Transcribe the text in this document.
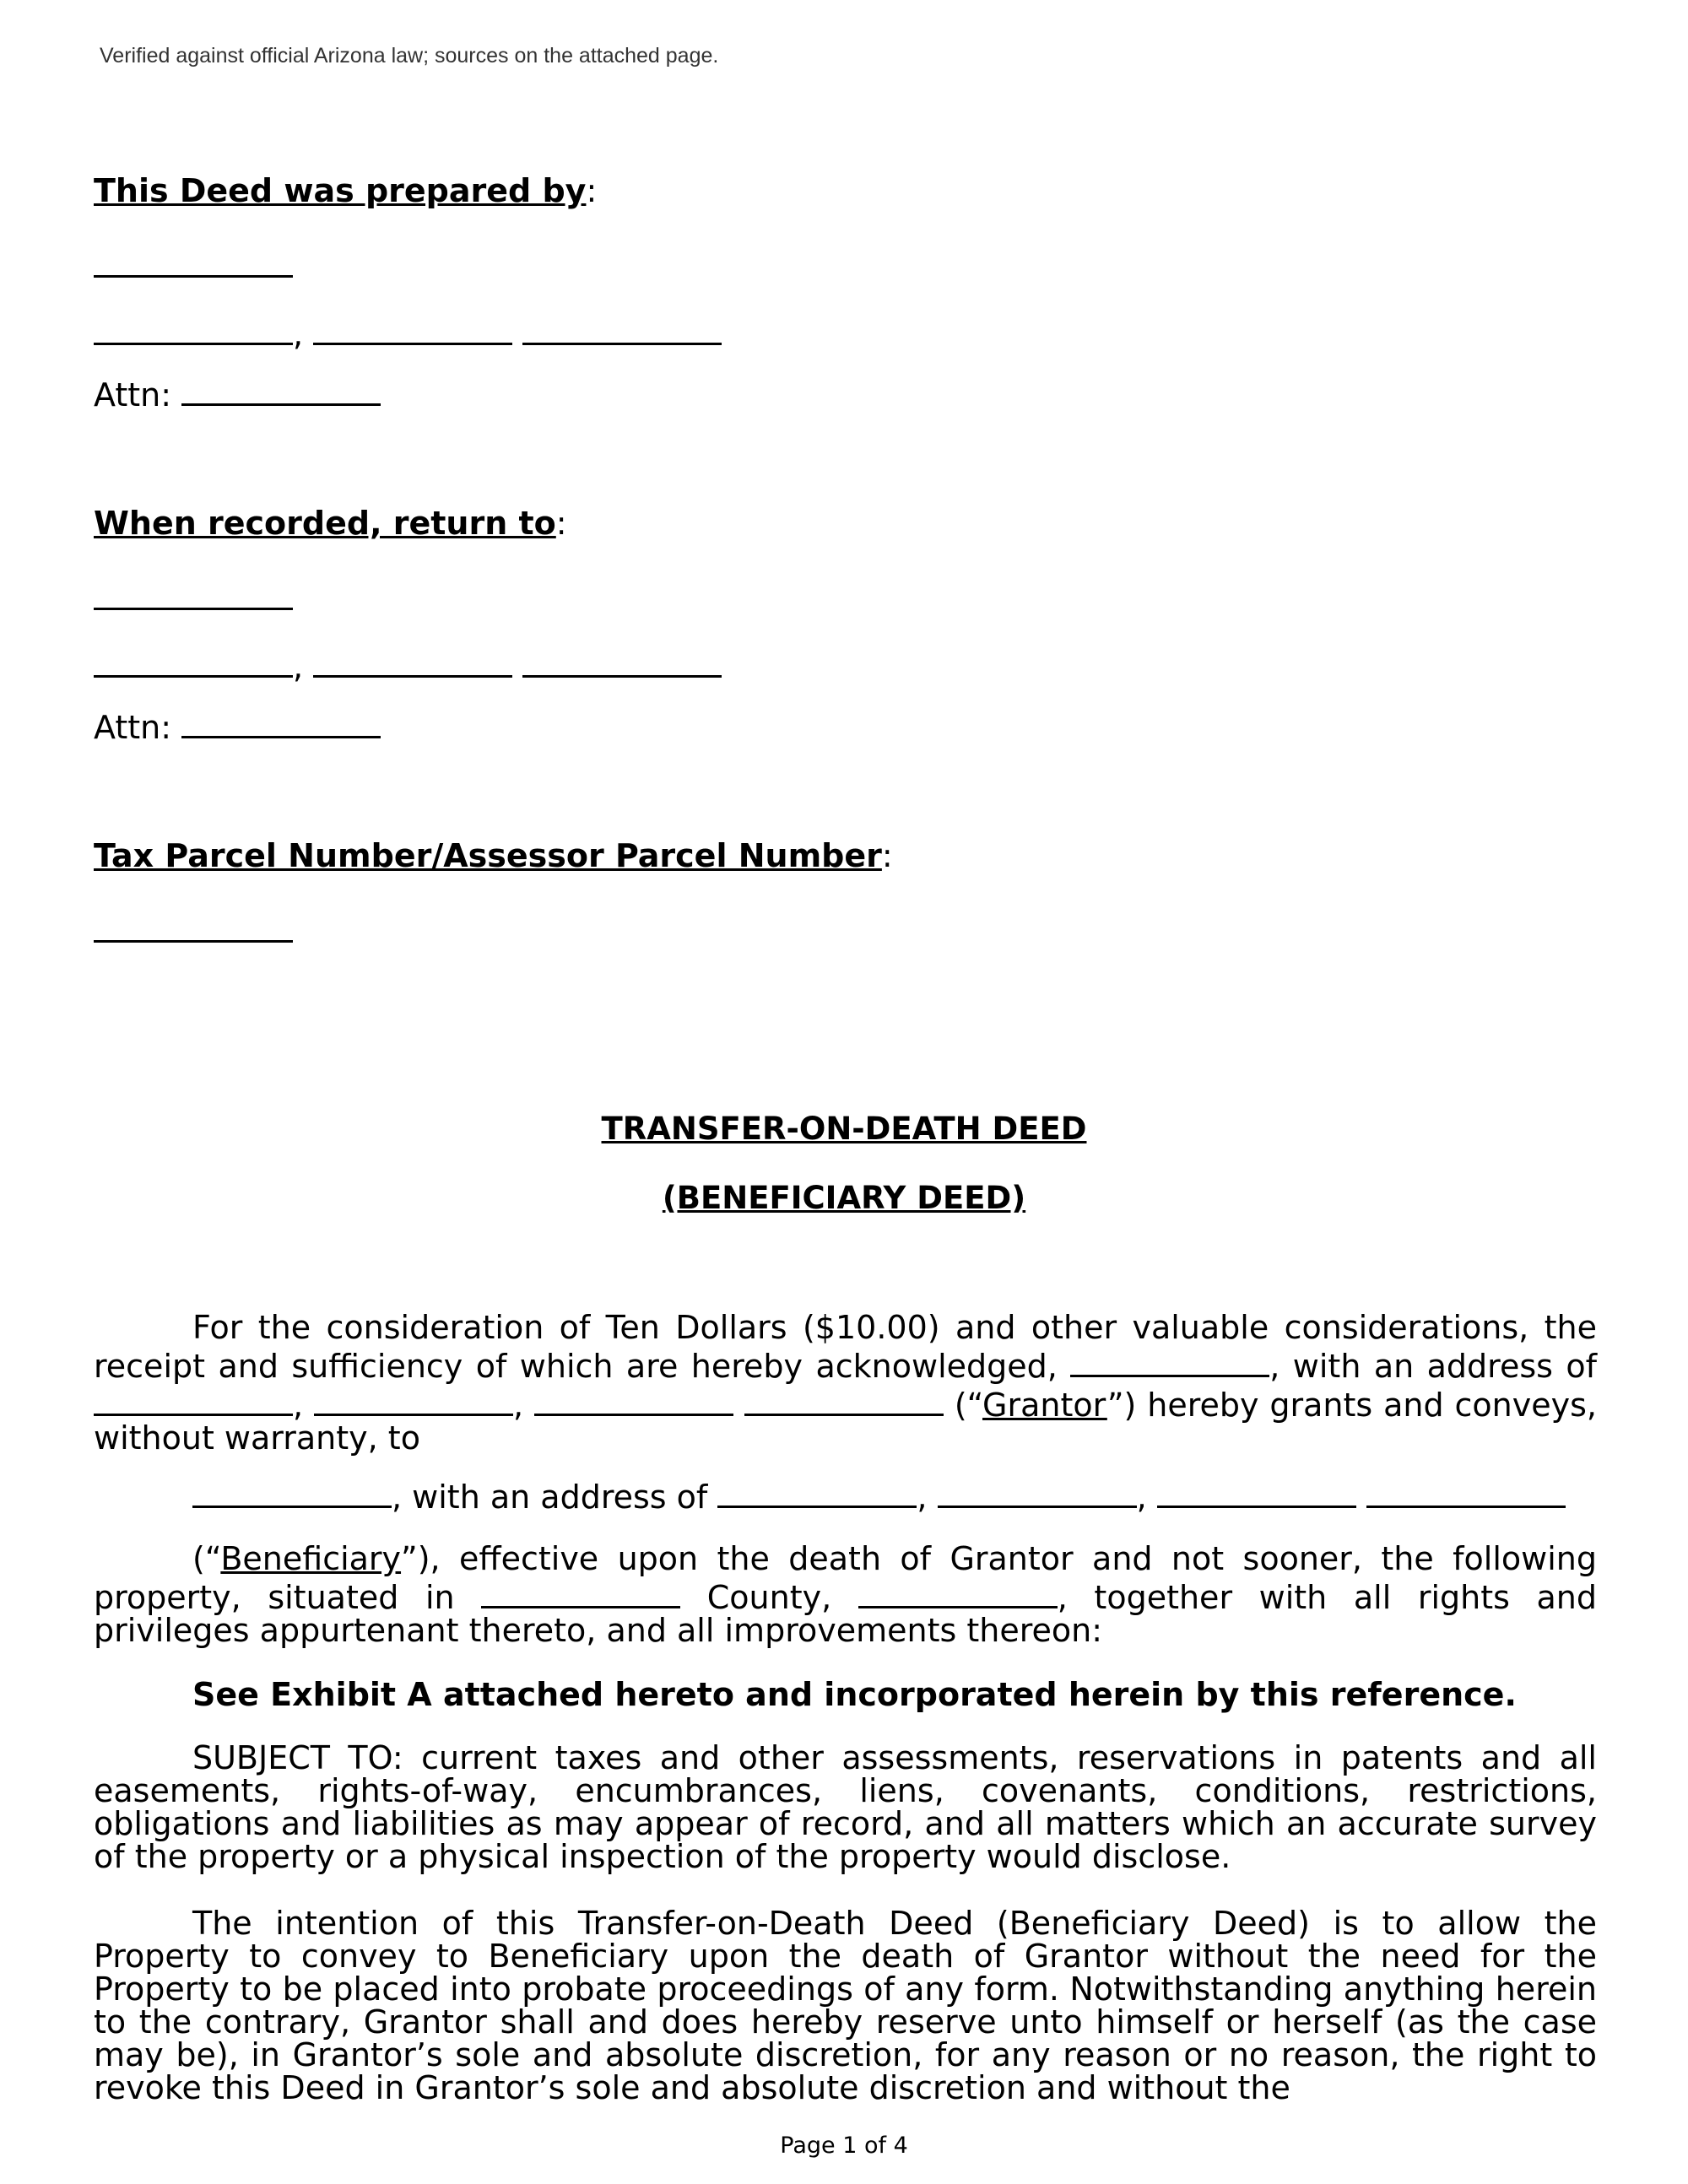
Verified against official Arizona law; sources on the attached page.
This Deed was prepared by:
,
Attn:
When recorded, return to:
,
Attn:
Tax Parcel Number/Assessor Parcel Number:
TRANSFER-ON-DEATH DEED
(BENEFICIARY DEED)
For the consideration of Ten Dollars ($10.00) and other valuable considerations, the receipt and sufficiency of which are hereby acknowledged,	, with an address of ,	,	(“Grantor”) hereby grants and conveys, without warranty, to
, with an address of	,	,
(“Beneficiary”), effective upon the death of Grantor and not sooner, the following property, situated in	County,	, together with all rights and privileges appurtenant thereto, and all improvements thereon:
See Exhibit A attached hereto and incorporated herein by this reference.
SUBJECT TO: current taxes and other assessments, reservations in patents and all easements, rights-of-way, encumbrances, liens, covenants, conditions, restrictions, obligations and liabilities as may appear of record, and all matters which an accurate survey of the property or a physical inspection of the property would disclose.
The intention of this Transfer-on-Death Deed (Beneficiary Deed) is to allow the Property to convey to Beneficiary upon the death of Grantor without the need for the Property to be placed into probate proceedings of any form. Notwithstanding anything herein to the contrary, Grantor shall and does hereby reserve unto himself or herself (as the case may be), in Grantor’s sole and absolute discretion, for any reason or no reason, the right to revoke this Deed in Grantor’s sole and absolute discretion and without the
Page 1 of 4
